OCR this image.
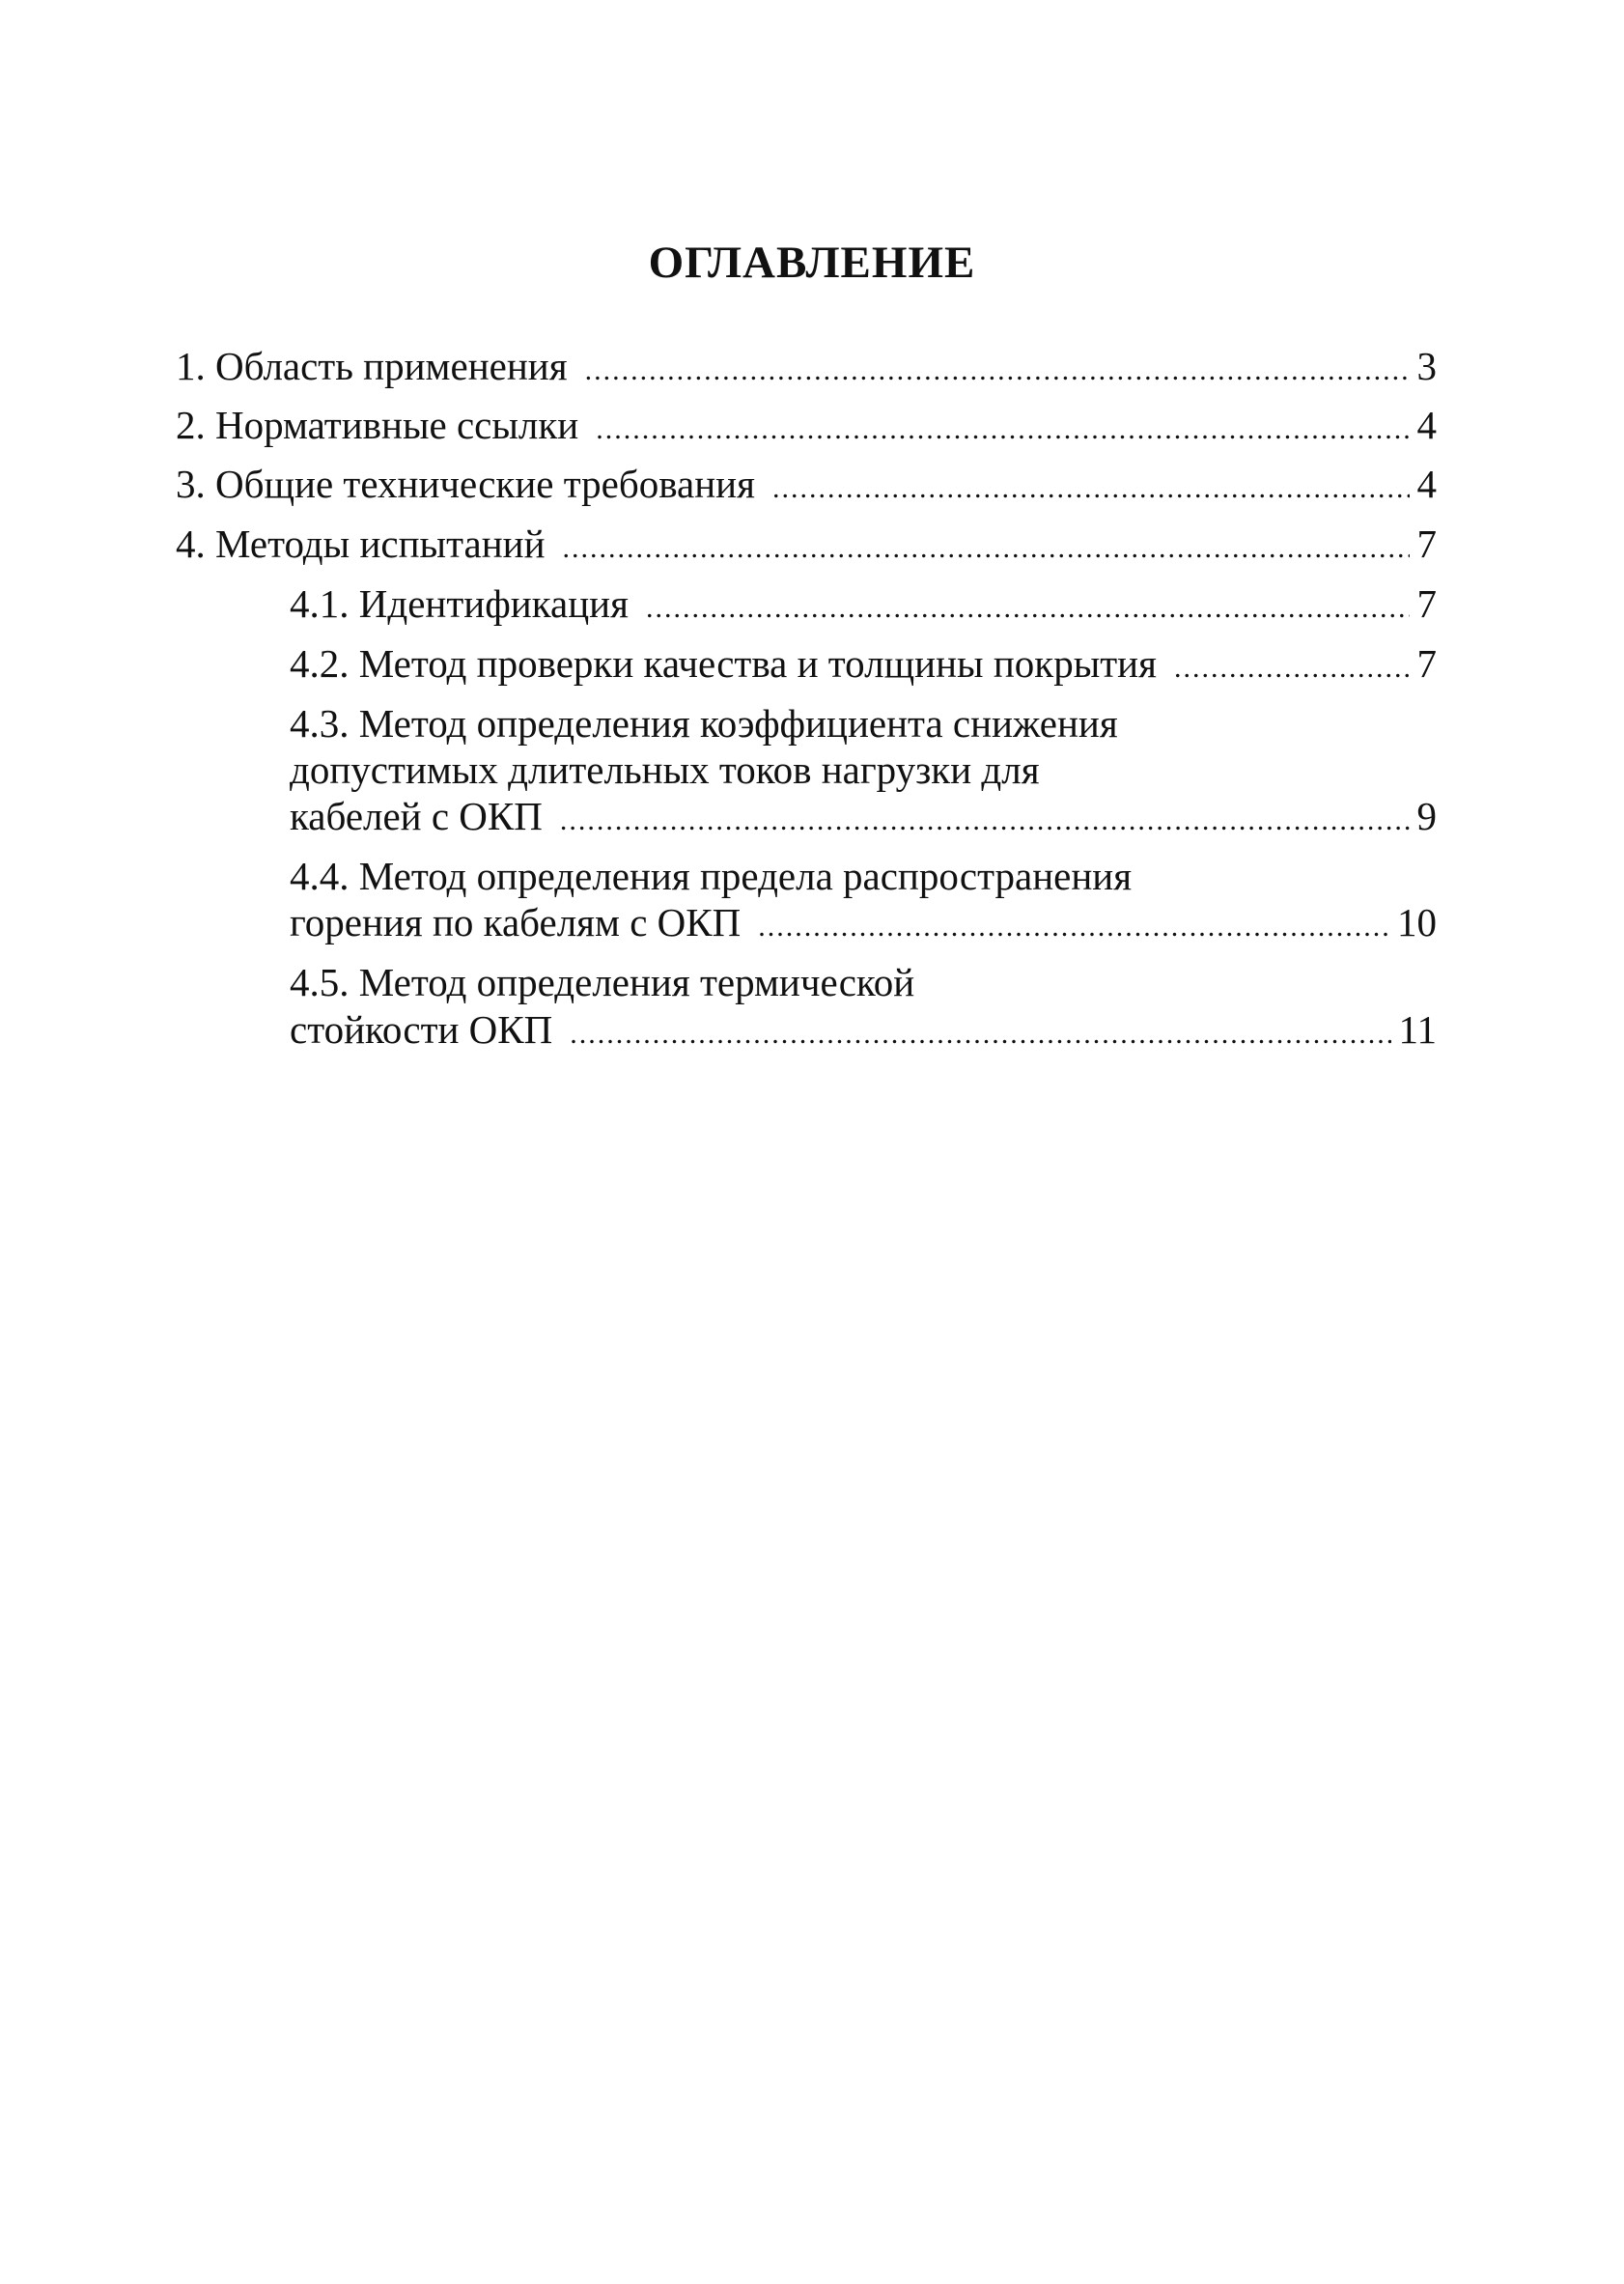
ОГЛАВЛЕНИЕ
1. Область применения .....	3
2. Нормативные ссылки .....	4
3. Общие технические требования .....	4
4. Методы испытаний .....	7
4.1. Идентификация .....	7
4.2. Метод проверки качества и толщины покрытия .....	7
4.3. Метод определения коэффициента снижения
допустимых длительных токов нагрузки для
кабелей с ОКП .....	9
4.4. Метод определения предела распространения
горения по кабелям с ОКП .....	10
4.5. Метод определения термической
стойкости ОКП .....	11
